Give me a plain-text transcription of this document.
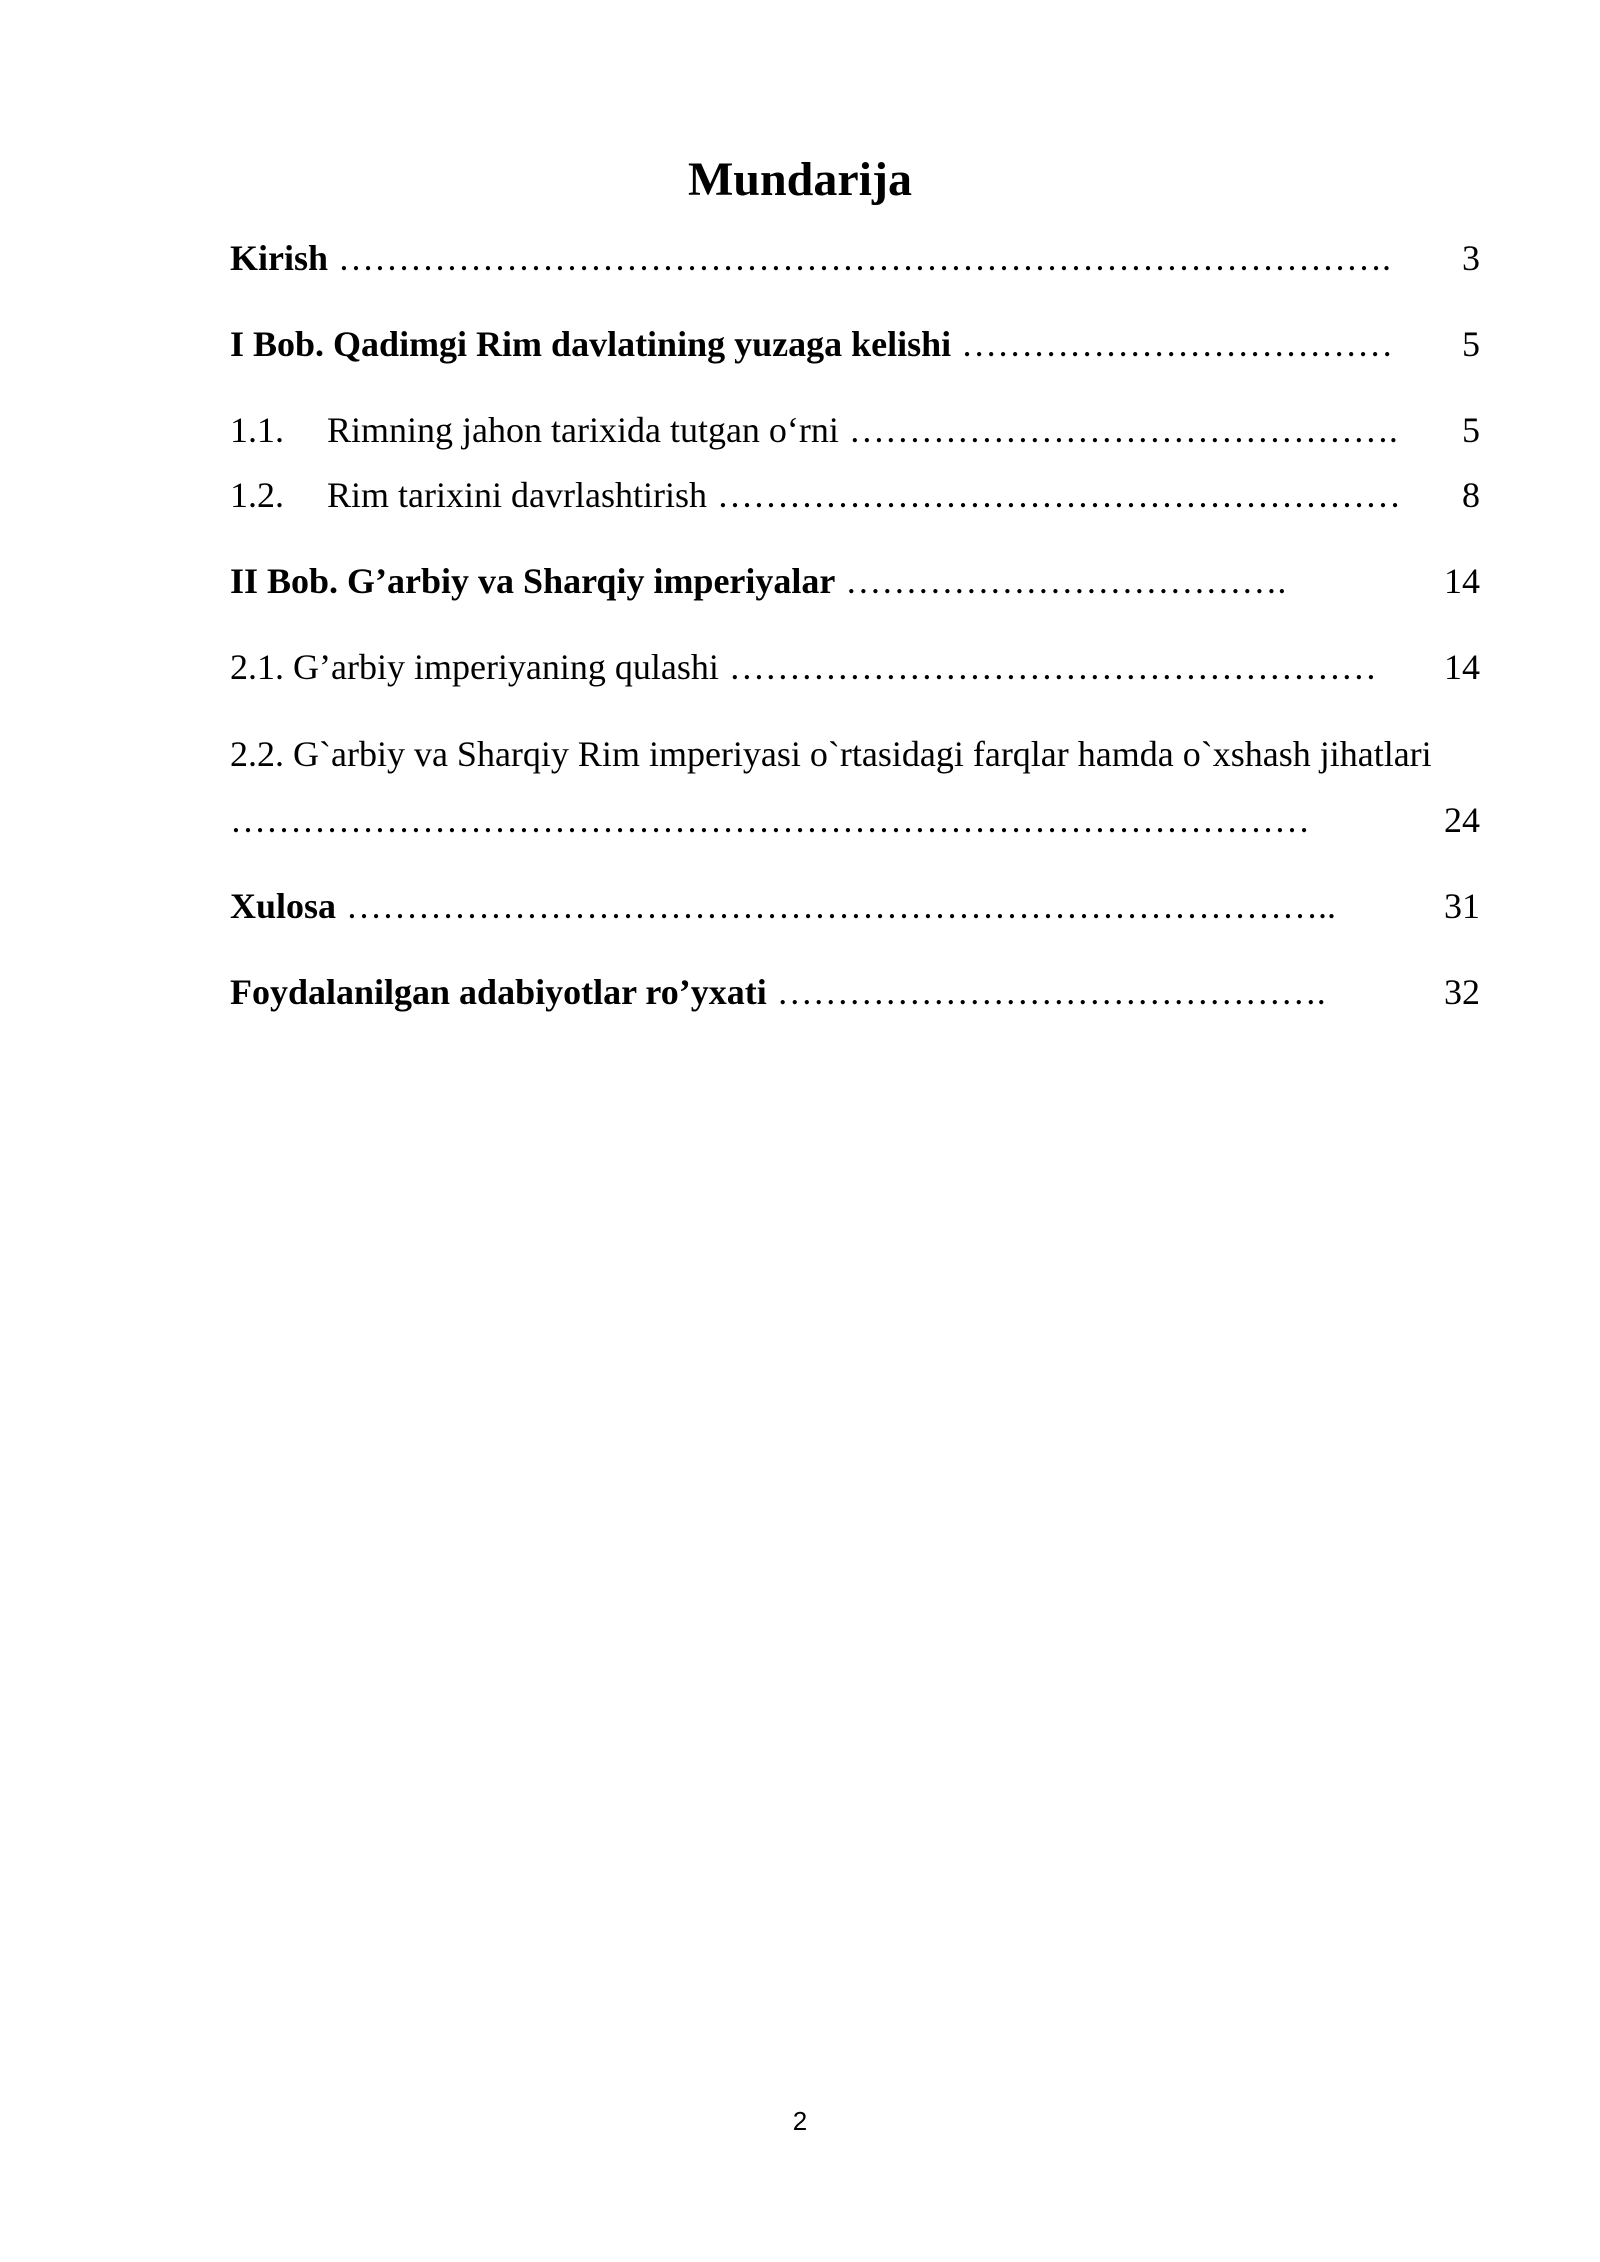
Mundarija
Kirish …………………………………………………………………………….	3
I Bob. Qadimgi Rim davlatining yuzaga kelishi ………………………………	5
1.1. Rimning jahon tarixida tutgan o‘rni ……………………………………….	5
1.2. Rim tarixini davrlashtirish …………………………………………………	8
II Bob. G’arbiy va Sharqiy imperiyalar ……………………………….	14
2.1. G’arbiy imperiyaning qulashi ………………………………………………	14
2.2. G`arbiy va Sharqiy Rim imperiyasi o`rtasidagi farqlar hamda o`xshash jihatlari
………………………………………………………………………………	24
Xulosa ………………………………………………………………………..	31
Foydalanilgan adabiyotlar ro’yxati ……………………………………….	32
2
